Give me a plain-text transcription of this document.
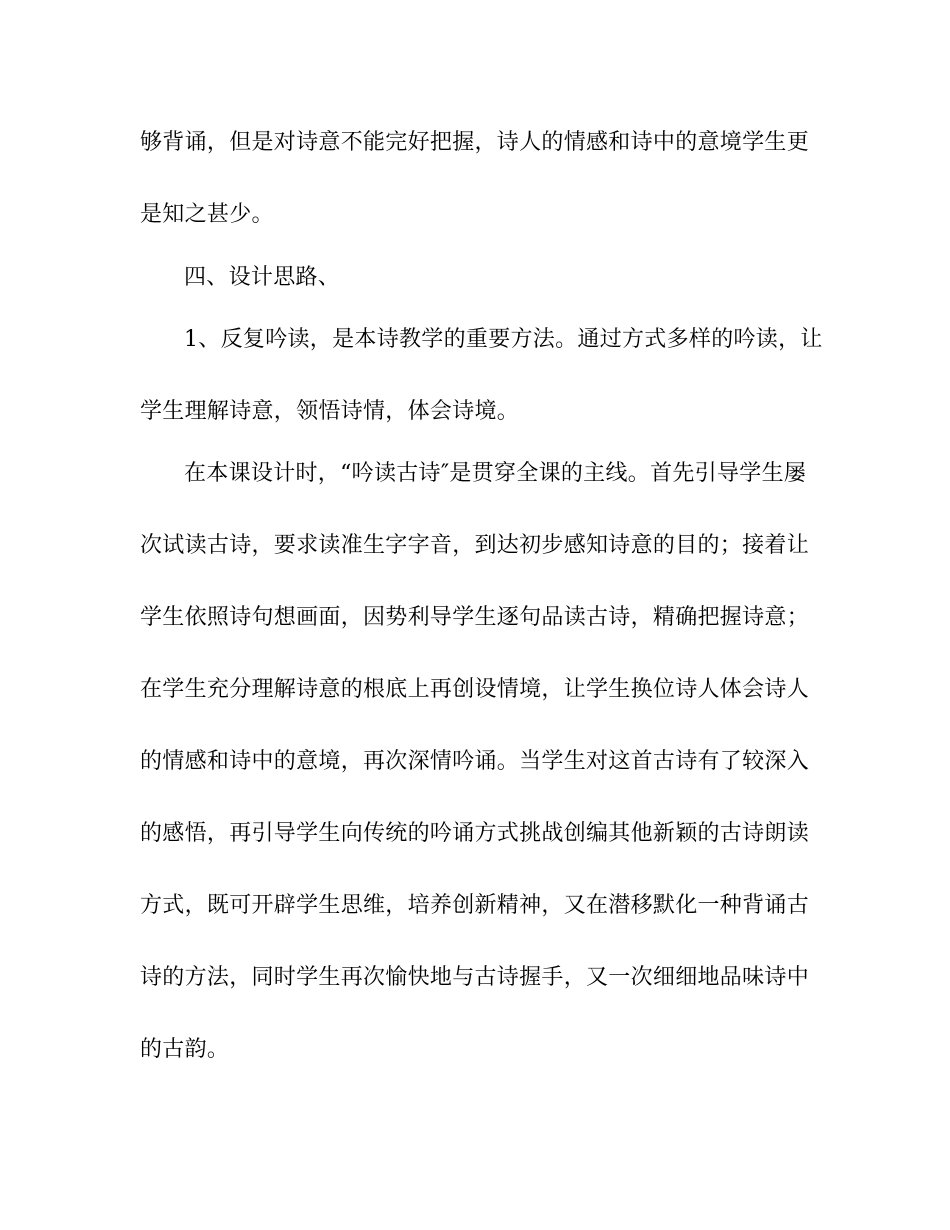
够背诵，但是对诗意不能完好把握，诗人的情感和诗中的意境学生更
是知之甚少。
四、设计思路、
1、反复吟读，是本诗教学的重要方法。通过方式多样的吟读，让
学生理解诗意，领悟诗情，体会诗境。
在本课设计时，“吟读古诗″是贯穿全课的主线。首先引导学生屡
次试读古诗，要求读准生字字音，到达初步感知诗意的目的；接着让
学生依照诗句想画面，因势利导学生逐句品读古诗，精确把握诗意；
在学生充分理解诗意的根底上再创设情境，让学生换位诗人体会诗人
的情感和诗中的意境，再次深情吟诵。当学生对这首古诗有了较深入
的感悟，再引导学生向传统的吟诵方式挑战创编其他新颖的古诗朗读
方式，既可开辟学生思维，培养创新精神，又在潜移默化一种背诵古
诗的方法，同时学生再次愉快地与古诗握手，又一次细细地品味诗中
的古韵。
